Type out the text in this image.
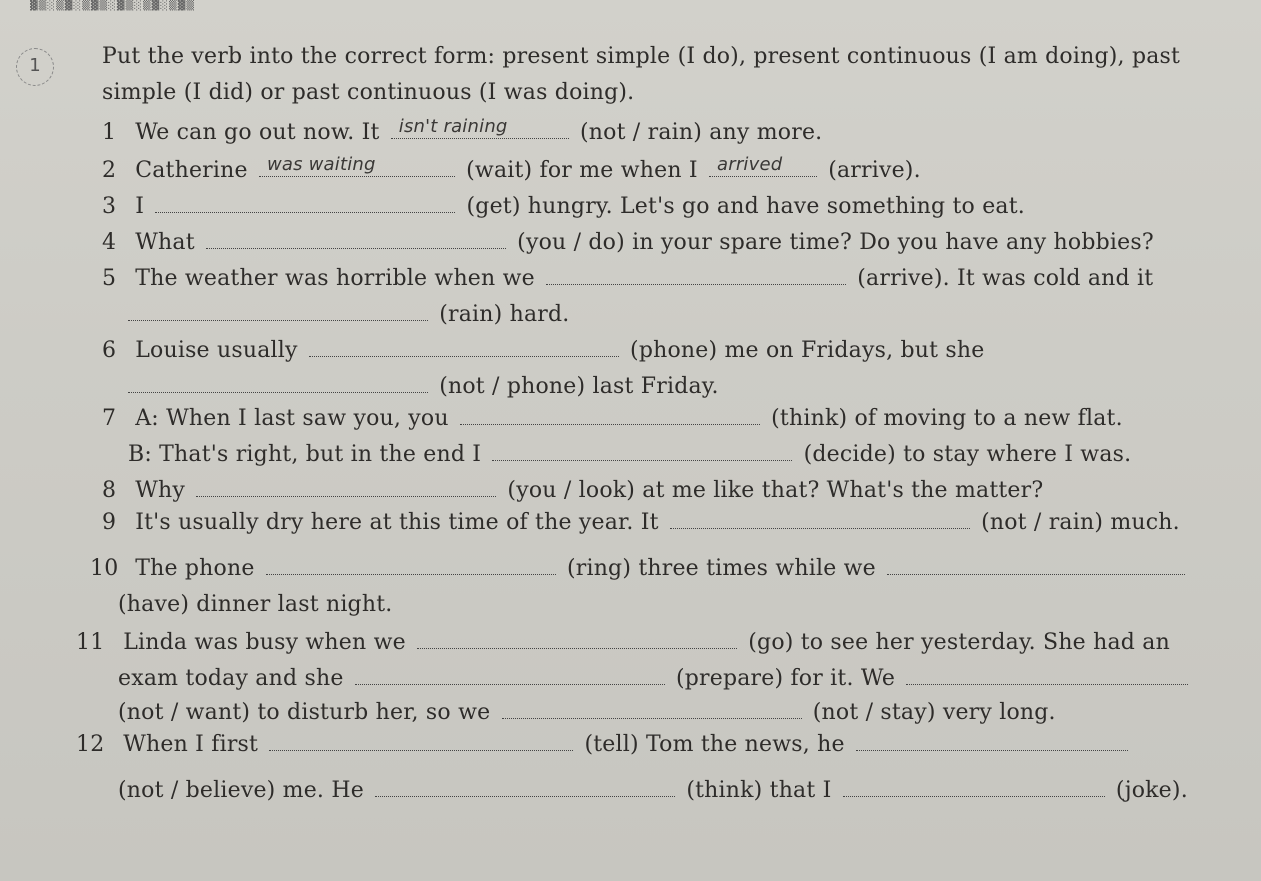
▓▒░▒▓░▒▓▒░▓▒░▒▓░▒▓▒
1	Put the verb into the correct form: present simple (I do), present continuous (I am doing), past
simple (I did) or past continuous (I was doing).
1 We can go out now. It isn't raining	(not / rain) any more.
2 Catherine was waiting	(wait) for me when I arrived (arrive).
3 I	(get) hungry. Let's go and have something to eat.
4 What	(you / do) in your spare time? Do you have any hobbies?
5 The weather was horrible when we	(arrive). It was cold and it
(rain) hard.
6 Louise usually	(phone) me on Fridays, but she
(not / phone) last Friday.
7 A: When I last saw you, you	(think) of moving to a new flat.
B: That's right, but in the end I	(decide) to stay where I was.
8 Why	(you / look) at me like that? What's the matter?
9 It's usually dry here at this time of the year. It	(not / rain) much.
10 The phone	(ring) three times while we
(have) dinner last night.
11 Linda was busy when we	(go) to see her yesterday. She had an
exam today and she	(prepare) for it. We
(not / want) to disturb her, so we	(not / stay) very long.
12 When I first	(tell) Tom the news, he
(not / believe) me. He	(think) that I	(joke).
